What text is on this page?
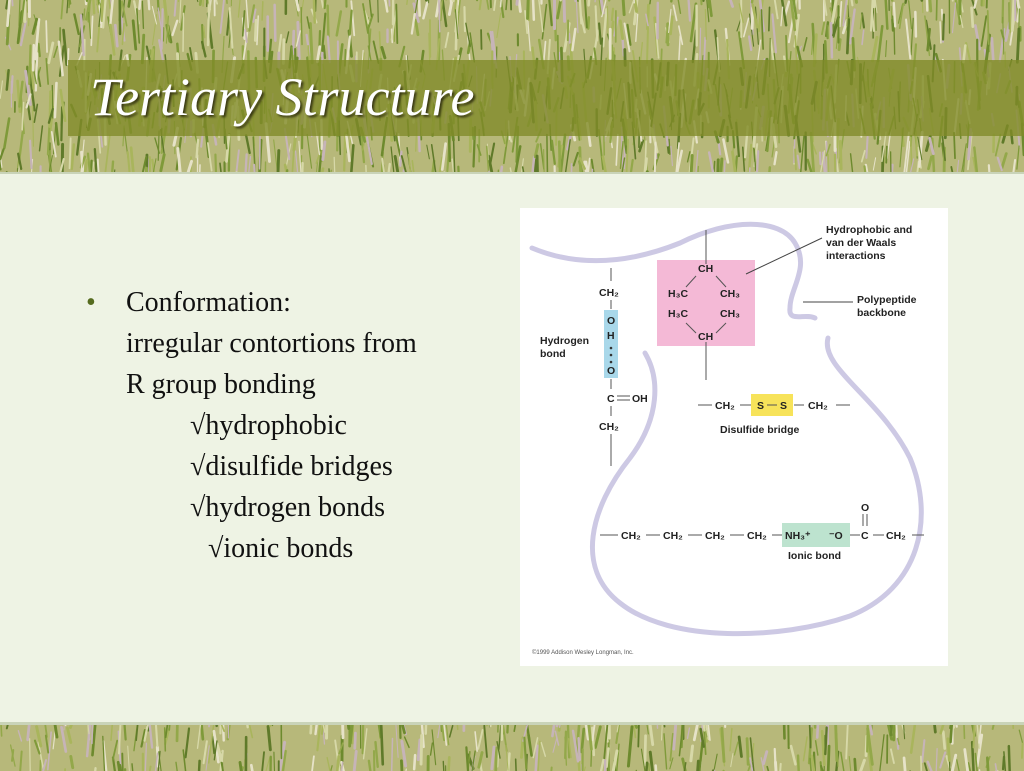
Tertiary Structure
• Conformation:
irregular contortions from
R group bonding
√hydrophobic
√disulfide bridges
√hydrogen bonds
√ionic bonds
CH
H₃C	CH₃
H₃C	CH₃
CH
Hydrophobic and
van der Waals
interactions
Polypeptide
backbone
CH₂
O
H
O
C OH
CH₂
Hydrogen
bond
CH₂ S S CH₂
Disulfide bridge
CH₂ CH₂ CH₂ CH₂ NH₃⁺ ⁻O C
O
CH₂
Ionic bond
©1999 Addison Wesley Longman, Inc.
